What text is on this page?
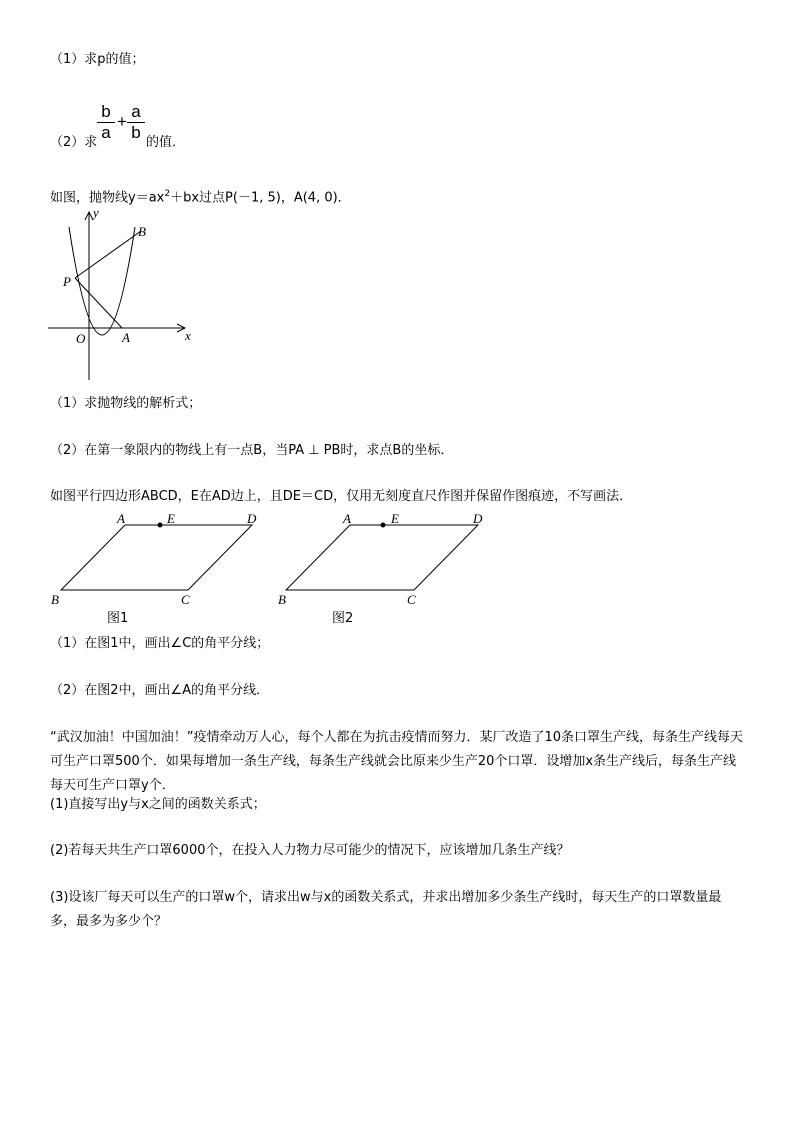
（1）求p的值；
（2）求
b
a
+
a
b
的值．
如图，抛物线$y=ax^2+bx$过点P(－1, 5)，A(4, 0)．
y
x
O	A
P
B
（1）求抛物线的解析式；
（2）在第一象限内的物线上有一点B，当PA ⊥ PB时，求点B的坐标．
如图平行四边形ABCD，E在AD边上，且DE＝CD，仅用无刻度直尺作图并保留作图痕迹，不写画法．
A	E	D
B	C
图1
A	E	D
B	C
图2
（1）在图1中，画出∠C的角平分线；
（2）在图2中，画出∠A的角平分线．
“武汉加油！中国加油！”疫情牵动万人心，每个人都在为抗击疫情而努力．某厂改造了10条口罩生产线，每条生产线每天可生产口罩500个．如果每增加一条生产线，每条生产线就会比原来少生产20个口罩．设增加x条生产线后，每条生产线每天可生产口罩y个．
(1)直接写出y与x之间的函数关系式；
(2)若每天共生产口罩6000个，在投入人力物力尽可能少的情况下，应该增加几条生产线？
(3)设该厂每天可以生产的口罩w个，请求出w与x的函数关系式，并求出增加多少条生产线时，每天生产的口罩数量最多，最多为多少个？
